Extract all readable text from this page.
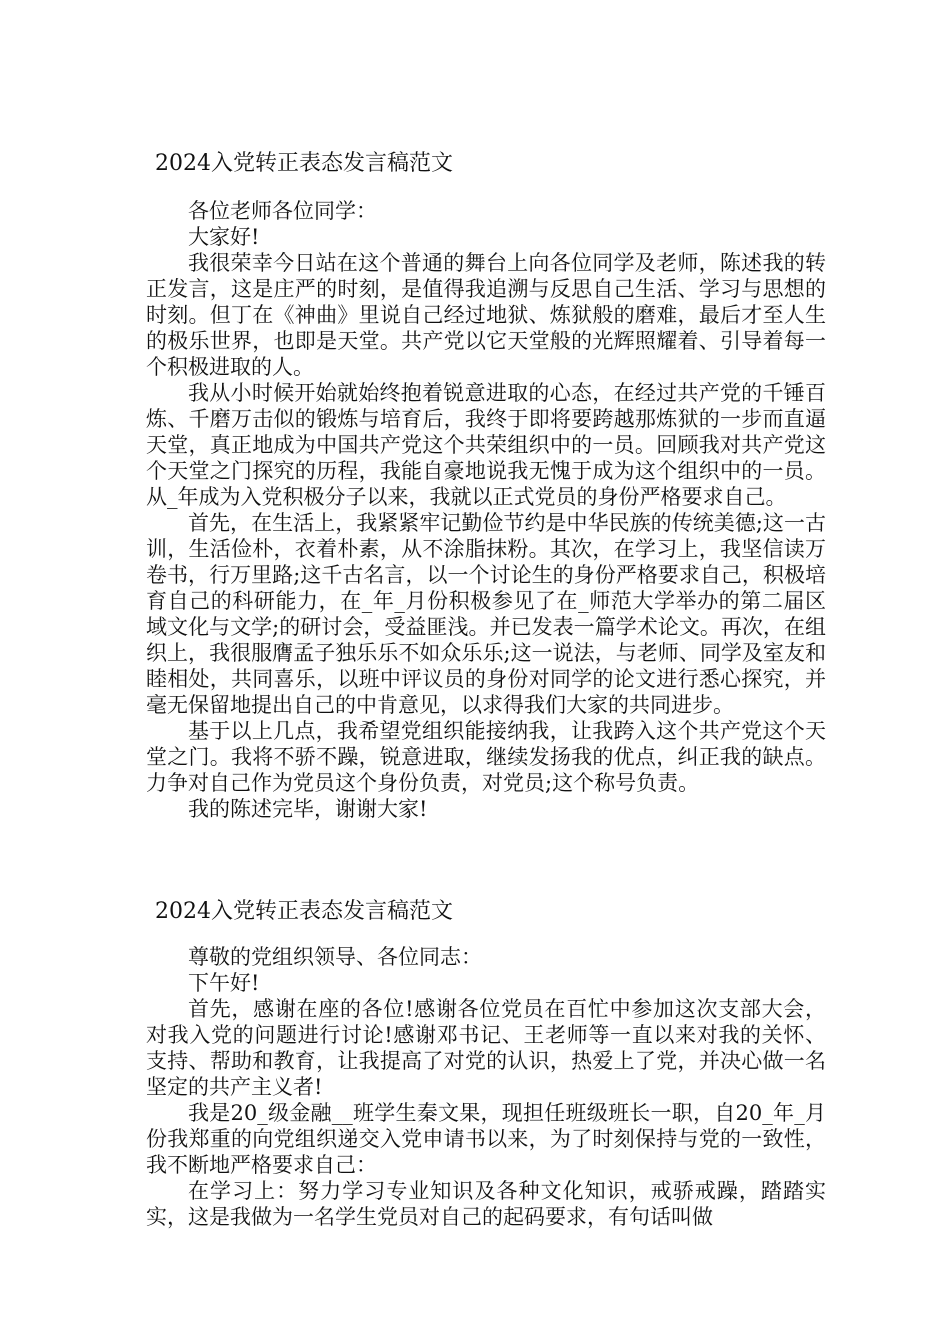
2024入党转正表态发言稿范文

各位老师各位同学：

大家好!

我很荣幸今日站在这个普通的舞台上向各位同学及老师，陈述我的转正发言，这是庄严的时刻，是值得我追溯与反思自己生活、学习与思想的时刻。但丁在《神曲》里说自己经过地狱、炼狱般的磨难，最后才至人生的极乐世界，也即是天堂。共产党以它天堂般的光辉照耀着、引导着每一个积极进取的人。

我从小时候开始就始终抱着锐意进取的心态，在经过共产党的千锤百炼、千磨万击似的锻炼与培育后，我终于即将要跨越那炼狱的一步而直逼天堂，真正地成为中国共产党这个共荣组织中的一员。回顾我对共产党这个天堂之门探究的历程，我能自豪地说我无愧于成为这个组织中的一员。从_年成为入党积极分子以来，我就以正式党员的身份严格要求自己。

首先，在生活上，我紧紧牢记勤俭节约是中华民族的传统美德;这一古训，生活俭朴，衣着朴素，从不涂脂抹粉。其次，在学习上，我坚信读万卷书，行万里路;这千古名言，以一个讨论生的身份严格要求自己，积极培育自己的科研能力，在_年_月份积极参见了在_师范大学举办的第二届区域文化与文学;的研讨会，受益匪浅。并已发表一篇学术论文。再次，在组织上，我很服膺孟子独乐乐不如众乐乐;这一说法，与老师、同学及室友和睦相处，共同喜乐，以班中评议员的身份对同学的论文进行悉心探究，并毫无保留地提出自己的中肯意见，以求得我们大家的共同进步。

基于以上几点，我希望党组织能接纳我，让我跨入这个共产党这个天堂之门。我将不骄不躁，锐意进取，继续发扬我的优点，纠正我的缺点。力争对自己作为党员这个身份负责，对党员;这个称号负责。

我的陈述完毕，谢谢大家!

2024入党转正表态发言稿范文

尊敬的党组织领导、各位同志：

下午好!

首先，感谢在座的各位!感谢各位党员在百忙中参加这次支部大会，对我入党的问题进行讨论!感谢邓书记、王老师等一直以来对我的关怀、支持、帮助和教育，让我提高了对党的认识，热爱上了党，并决心做一名坚定的共产主义者!

我是20_级金融__班学生秦文果，现担任班级班长一职，自20_年_月份我郑重的向党组织递交入党申请书以来，为了时刻保持与党的一致性，我不断地严格要求自己：

在学习上：努力学习专业知识及各种文化知识，戒骄戒躁，踏踏实实，这是我做为一名学生党员对自己的起码要求，有句话叫做
